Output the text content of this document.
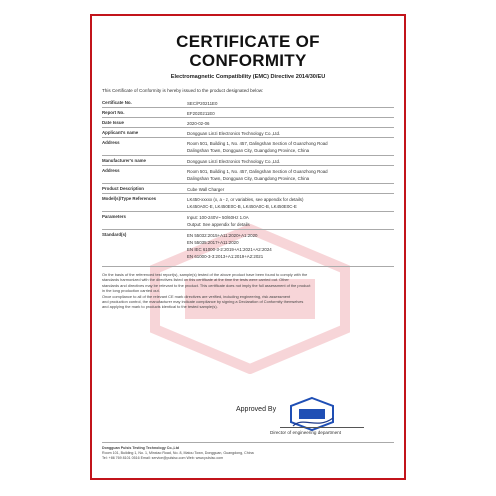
CERTIFICATE OF
CONFORMITY
Electromagnetic Compatibility (EMC) Directive 2014/30/EU
This Certificate of Conformity is hereby issued to the product designated below:
Certificate No.	SEC/P20211E0
Report No.	EF2020211E0
Date Issue	2020-02-06
Applicant's name	Dongguan Linzi Electronics Technology Co.,Ltd.
Address	Room 501, Building 1, No. 457, Dalingshan Section of Guanzhong Road
Dalingshan Town, Dongguan City, Guangdong Province, China
Manufacturer's name	Dongguan Linzi Electronics Technology Co.,Ltd.
Address	Room 501, Building 1, No. 457, Dalingshan Section of Guanzhong Road
Dalingshan Town, Dongguan City, Guangdong Province, China
Product Description	Cube Wall Charger
Model(s)/Type References	LK450-xxxxx (x, a - z, or variables, see appendix for details)
LK450A0C-E, LK450E0C-B, LK450A0C-B, LK450E0C-E
Parameters	Input: 100-240V~ 50/60Hz 1.0A
Output: See appendix for details
Standard(s)	EN 55032:2015+A11:2020+A1:2020
EN 55035:2017+A11:2020
EN IEC 61000-3-2:2019+A1:2021+A2:2024
EN 61000-3-3:2013+A1:2019+A2:2021
On the basis of the referenced test report(s), sample(s) tested of the above product have been found to comply with the
standards harmonized with the directives listed on this certificate at the time the tests were carried out. Other
standards and directives may be relevant to the product. This certificate does not imply the full assessment of the product
in the long production carried out.
Once compliance to all of the relevant CE mark directives are verified, including engineering, risk assessment
and production control, the manufacturer may indicate compliance by signing a Declaration of Conformity themselves
and applying the mark to products identical to the tested sample(s).
Approved By
Director of engineering department
Dongguan Pulsis Testing Technology Co.,Ltd
Room 101, Building 1, No. 1, Minxiao Road, No. 8, Matou Town, Dongguan, Guangdong, China
Tel: +86 769 8101 0516 Email: service@pulsisc.com Web: www.pulsisc.com
